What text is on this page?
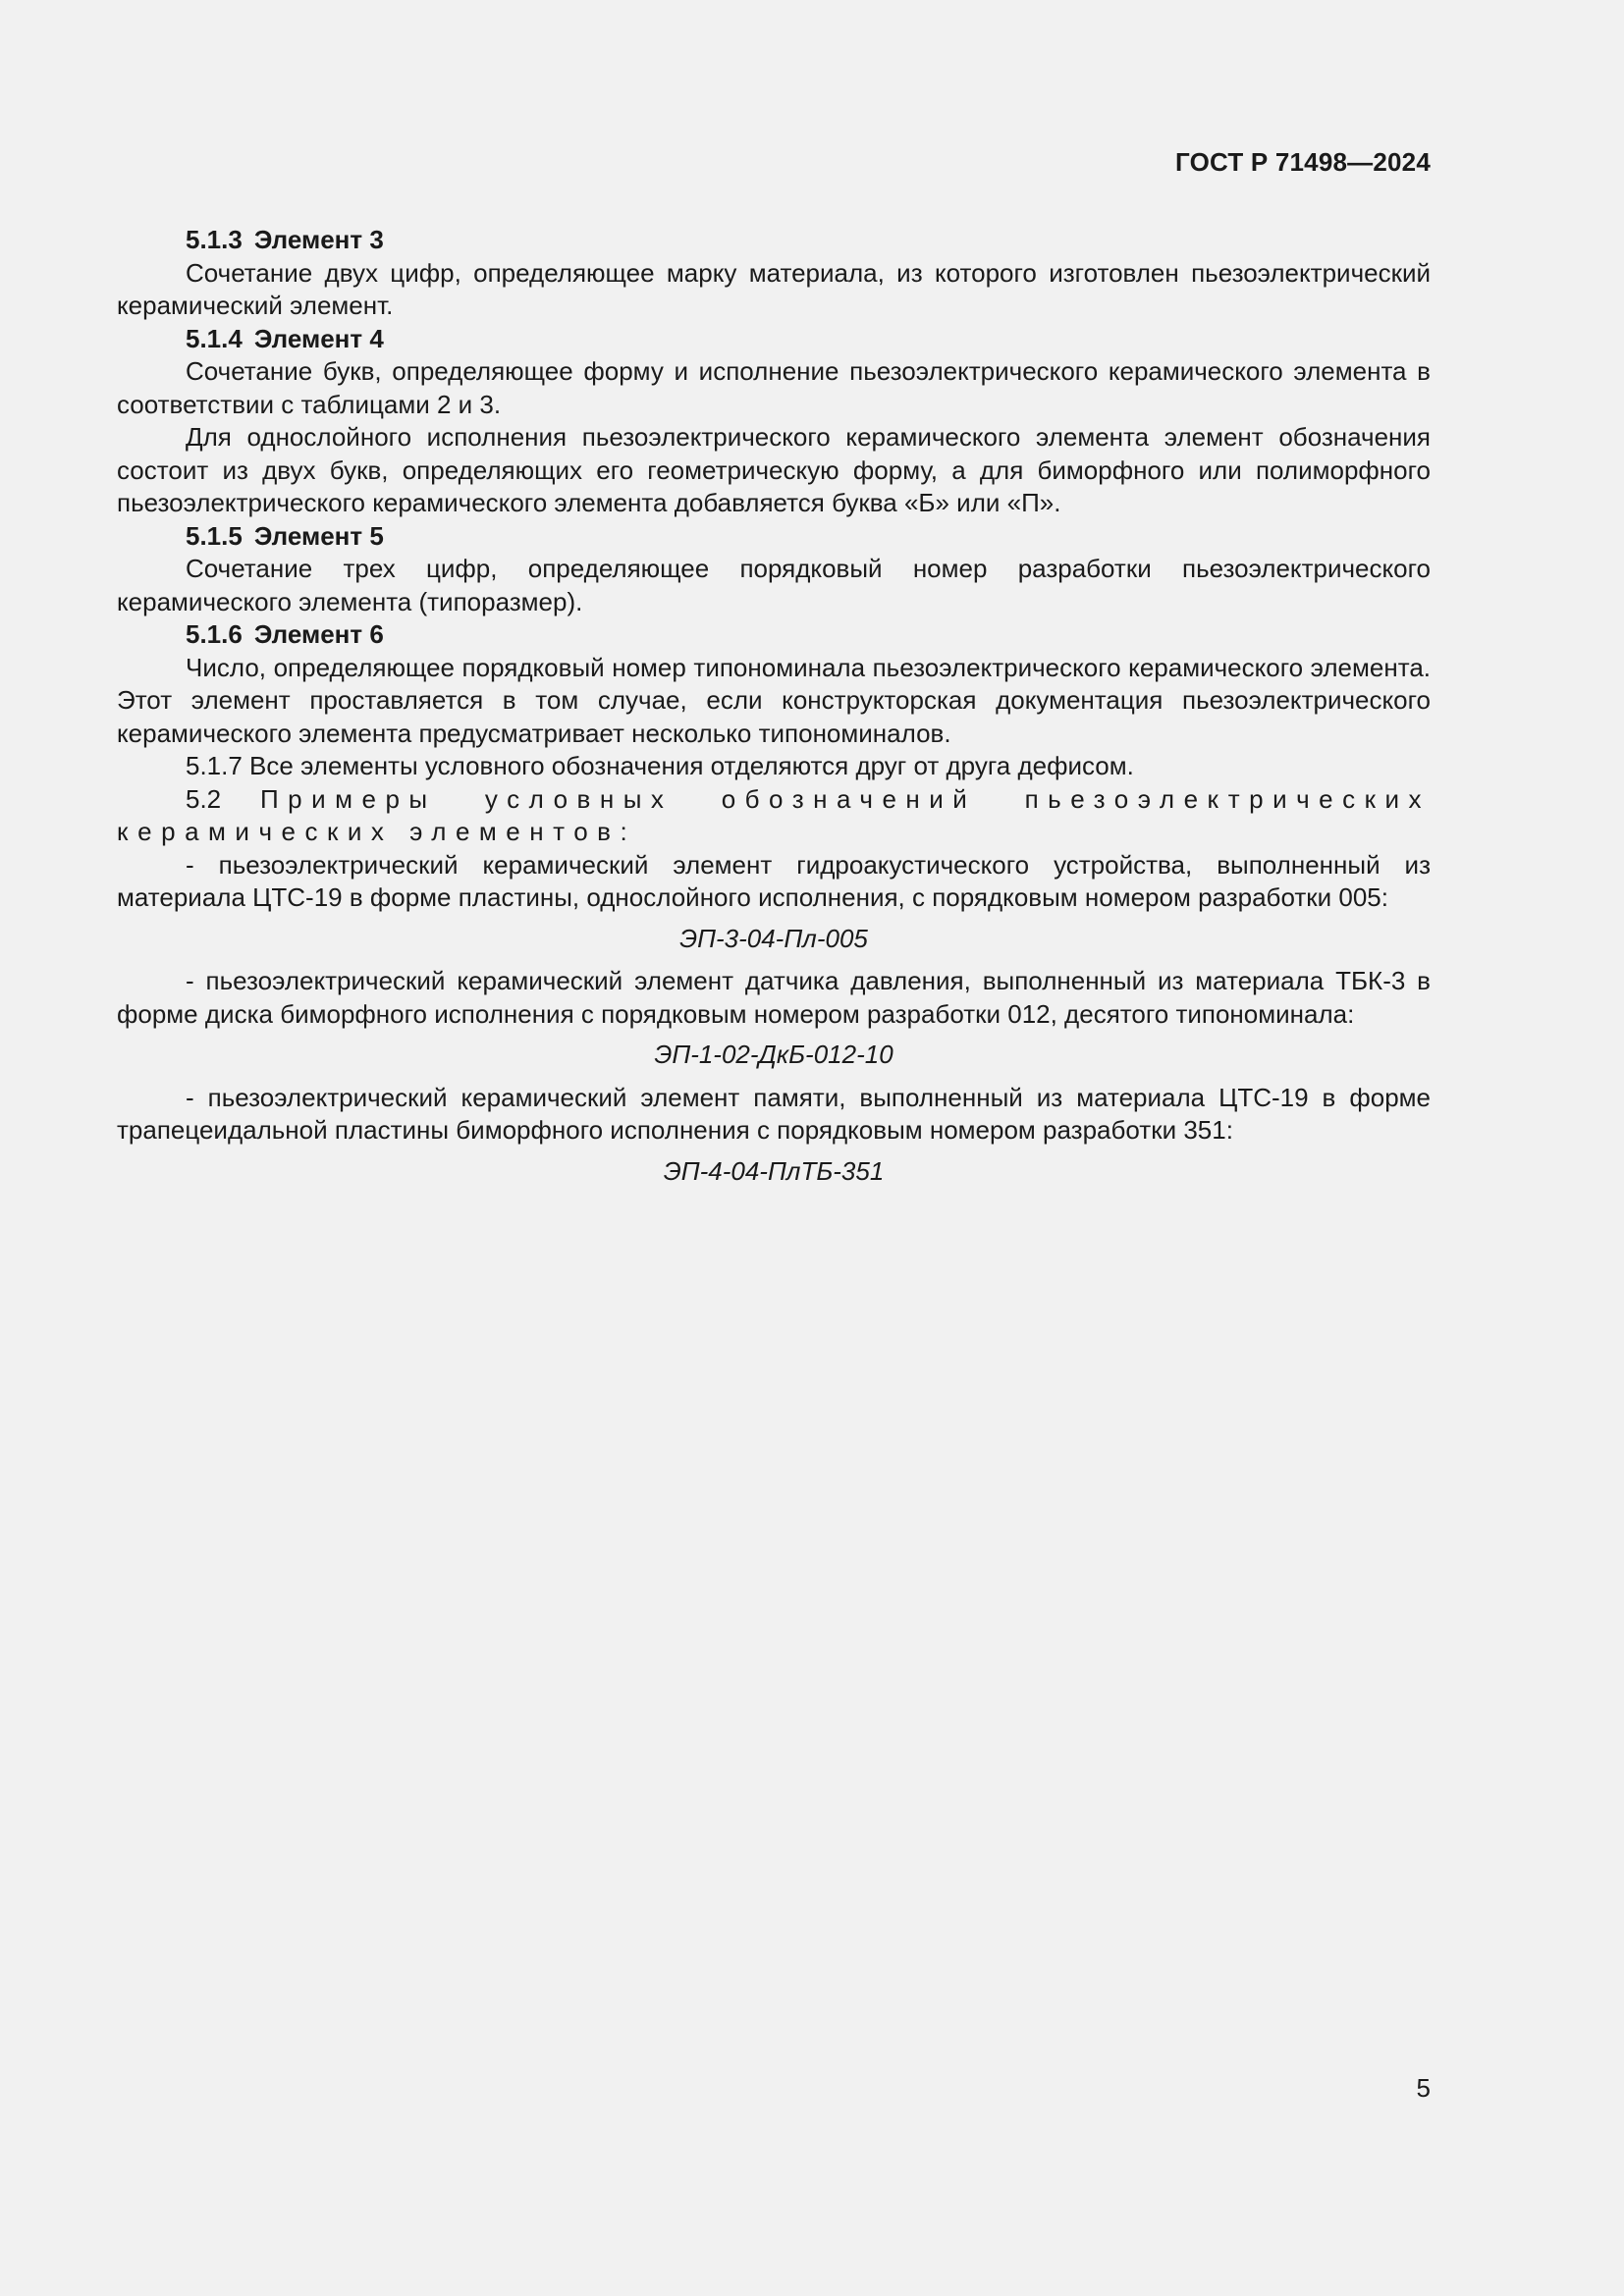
ГОСТ Р 71498—2024

5.1.3 Элемент 3

Сочетание двух цифр, определяющее марку материала, из которого изготовлен пьезоэлектрический керамический элемент.

5.1.4 Элемент 4

Сочетание букв, определяющее форму и исполнение пьезоэлектрического керамического элемента в соответствии с таблицами 2 и 3.

Для однослойного исполнения пьезоэлектрического керамического элемента элемент обозначения состоит из двух букв, определяющих его геометрическую форму, а для биморфного или полиморфного пьезоэлектрического керамического элемента добавляется буква «Б» или «П».

5.1.5 Элемент 5

Сочетание трех цифр, определяющее порядковый номер разработки пьезоэлектрического керамического элемента (типоразмер).

5.1.6 Элемент 6

Число, определяющее порядковый номер типономинала пьезоэлектрического керамического элемента. Этот элемент проставляется в том случае, если конструкторская документация пьезоэлектрического керамического элемента предусматривает несколько типономиналов.

5.1.7 Все элементы условного обозначения отделяются друг от друга дефисом.

5.2 Примеры условных обозначений пьезоэлектрических керамических элементов:

- пьезоэлектрический керамический элемент гидроакустического устройства, выполненный из материала ЦТС-19 в форме пластины, однослойного исполнения, с порядковым номером разработки 005:

ЭП-3-04-Пл-005

- пьезоэлектрический керамический элемент датчика давления, выполненный из материала ТБК-3 в форме диска биморфного исполнения с порядковым номером разработки 012, десятого типономинала:

ЭП-1-02-ДкБ-012-10

- пьезоэлектрический керамический элемент памяти, выполненный из материала ЦТС-19 в форме трапецеидальной пластины биморфного исполнения с порядковым номером разработки 351:

ЭП-4-04-ПлТБ-351

5
